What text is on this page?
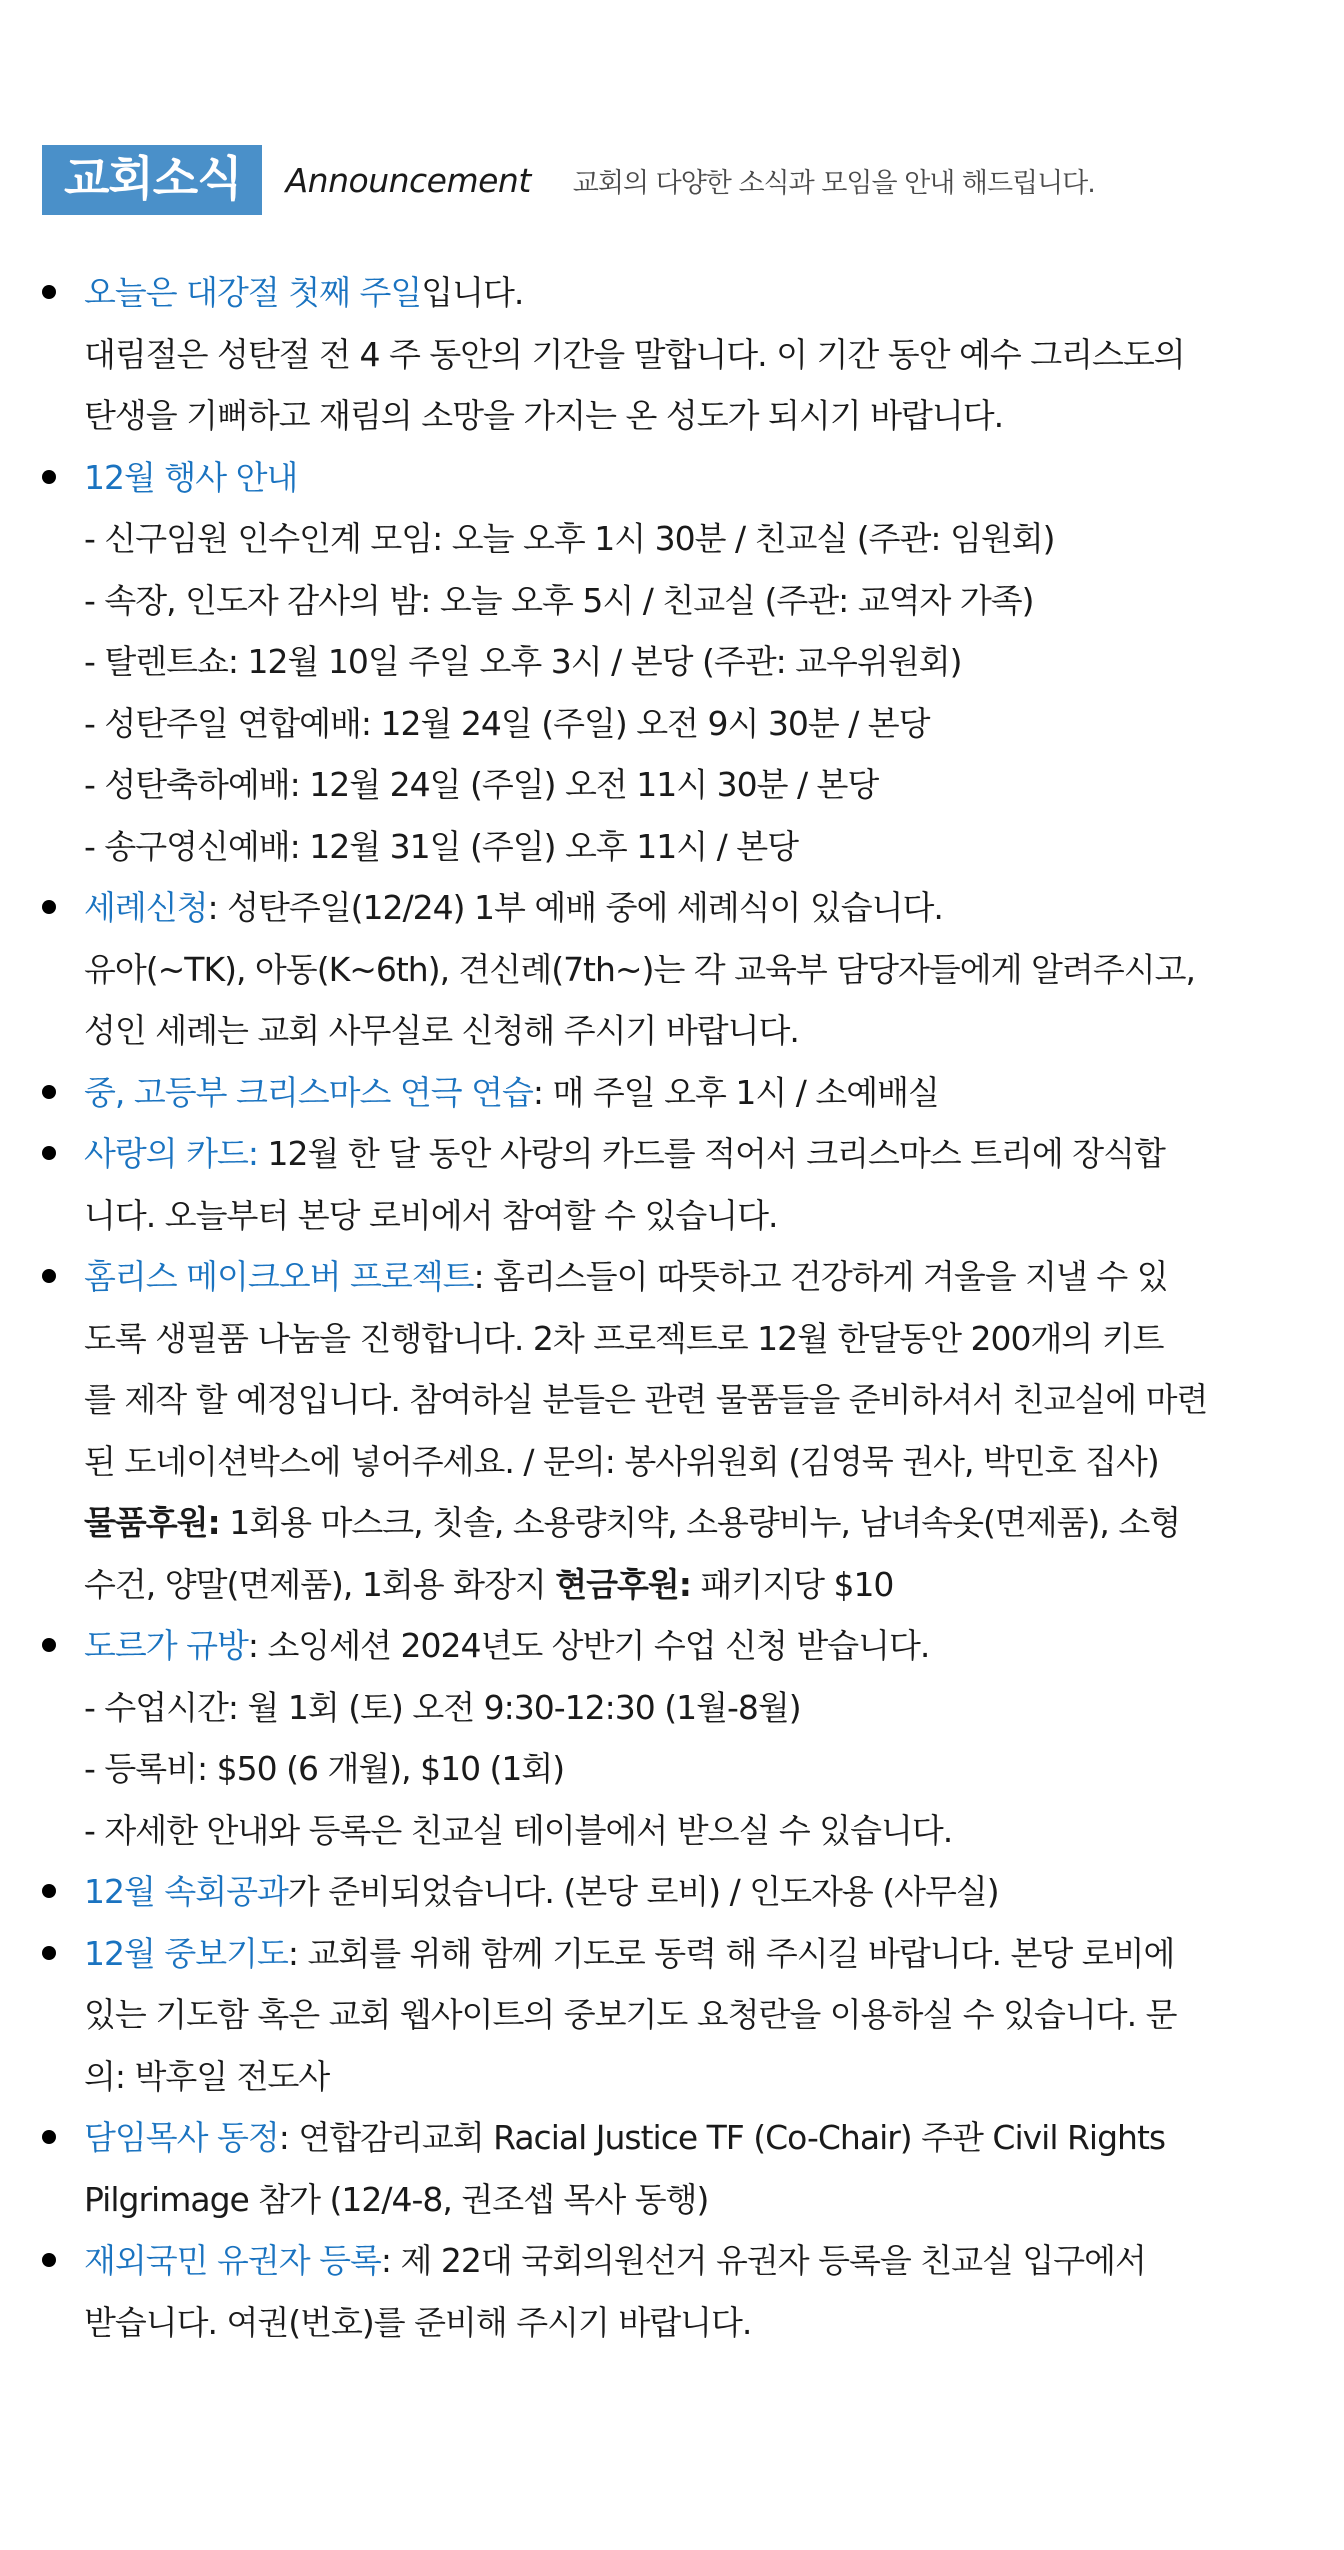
교회소식	Announcement 교회의 다양한 소식과 모임을 안내 해드립니다.
오늘은 대강절 첫째 주일입니다.
대림절은 성탄절 전 4 주 동안의 기간을 말합니다. 이 기간 동안 예수 그리스도의
탄생을 기뻐하고 재림의 소망을 가지는 온 성도가 되시기 바랍니다.
12월 행사 안내
- 신구임원 인수인계 모임: 오늘 오후 1시 30분 / 친교실 (주관: 임원회)
- 속장, 인도자 감사의 밤: 오늘 오후 5시 / 친교실 (주관: 교역자 가족)
- 탈렌트쇼: 12월 10일 주일 오후 3시 / 본당 (주관: 교우위원회)
- 성탄주일 연합예배: 12월 24일 (주일) 오전 9시 30분 / 본당
- 성탄축하예배: 12월 24일 (주일) 오전 11시 30분 / 본당
- 송구영신예배: 12월 31일 (주일) 오후 11시 / 본당
세례신청: 성탄주일(12/24) 1부 예배 중에 세례식이 있습니다.
유아(~TK), 아동(K~6th), 견신례(7th~)는 각 교육부 담당자들에게 알려주시고,
성인 세례는 교회 사무실로 신청해 주시기 바랍니다.
중, 고등부 크리스마스 연극 연습: 매 주일 오후 1시 / 소예배실
사랑의 카드: 12월 한 달 동안 사랑의 카드를 적어서 크리스마스 트리에 장식합
니다. 오늘부터 본당 로비에서 참여할 수 있습니다.
홈리스 메이크오버 프로젝트: 홈리스들이 따뜻하고 건강하게 겨울을 지낼 수 있
도록 생필품 나눔을 진행합니다. 2차 프로젝트로 12월 한달동안 200개의 키트
를 제작 할 예정입니다. 참여하실 분들은 관련 물품들을 준비하셔서 친교실에 마련
된 도네이션박스에 넣어주세요. / 문의: 봉사위원회 (김영묵 권사, 박민호 집사)
물품후원: 1회용 마스크, 칫솔, 소용량치약, 소용량비누, 남녀속옷(면제품), 소형
수건, 양말(면제품), 1회용 화장지 현금후원: 패키지당 $10
도르가 규방: 소잉세션 2024년도 상반기 수업 신청 받습니다.
- 수업시간: 월 1회 (토) 오전 9:30-12:30 (1월-8월)
- 등록비: $50 (6 개월), $10 (1회)
- 자세한 안내와 등록은 친교실 테이블에서 받으실 수 있습니다.
12월 속회공과가 준비되었습니다. (본당 로비) / 인도자용 (사무실)
12월 중보기도: 교회를 위해 함께 기도로 동력 해 주시길 바랍니다. 본당 로비에
있는 기도함 혹은 교회 웹사이트의 중보기도 요청란을 이용하실 수 있습니다. 문
의: 박후일 전도사
담임목사 동정: 연합감리교회 Racial Justice TF (Co-Chair) 주관 Civil Rights
Pilgrimage 참가 (12/4-8, 권조셉 목사 동행)
재외국민 유권자 등록: 제 22대 국회의원선거 유권자 등록을 친교실 입구에서
받습니다. 여권(번호)를 준비해 주시기 바랍니다.
